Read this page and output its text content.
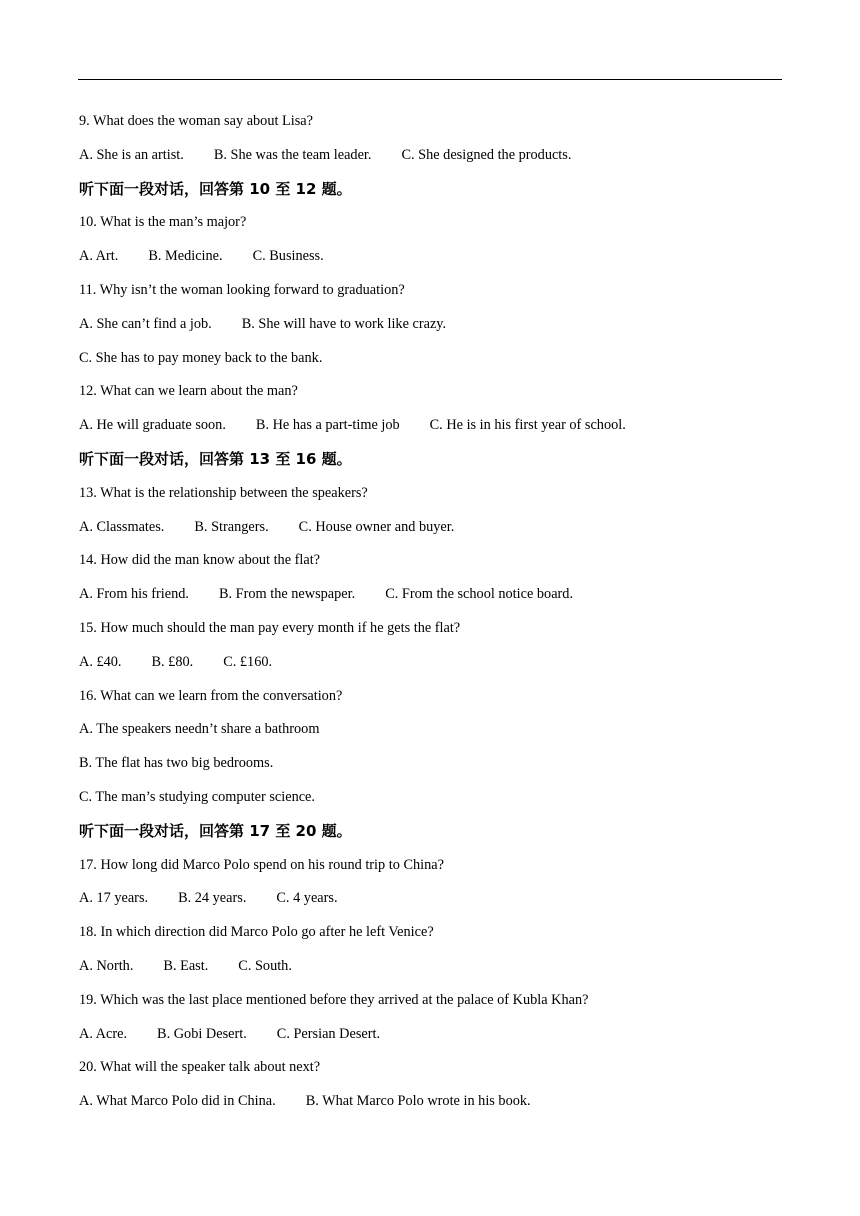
9. What does the woman say about Lisa?
A. She is an artist. B. She was the team leader. C. She designed the products.
听下面一段对话，回答第 10 至 12 题。
10. What is the man’s major?
A. Art. B. Medicine. C. Business.
11. Why isn’t the woman looking forward to graduation?
A. She can’t find a job. B. She will have to work like crazy.
C. She has to pay money back to the bank.
12. What can we learn about the man?
A. He will graduate soon. B. He has a part-time job C. He is in his first year of school.
听下面一段对话，回答第 13 至 16 题。
13. What is the relationship between the speakers?
A. Classmates. B. Strangers. C. House owner and buyer.
14. How did the man know about the flat?
A. From his friend. B. From the newspaper. C. From the school notice board.
15. How much should the man pay every month if he gets the flat?
A. £40. B. £80. C. £160.
16. What can we learn from the conversation?
A. The speakers needn’t share a bathroom
B. The flat has two big bedrooms.
C. The man’s studying computer science.
听下面一段对话，回答第 17 至 20 题。
17. How long did Marco Polo spend on his round trip to China?
A. 17 years. B. 24 years. C. 4 years.
18. In which direction did Marco Polo go after he left Venice?
A. North. B. East. C. South.
19. Which was the last place mentioned before they arrived at the palace of Kubla Khan?
A. Acre. B. Gobi Desert. C. Persian Desert.
20. What will the speaker talk about next?
A. What Marco Polo did in China. B. What Marco Polo wrote in his book.
